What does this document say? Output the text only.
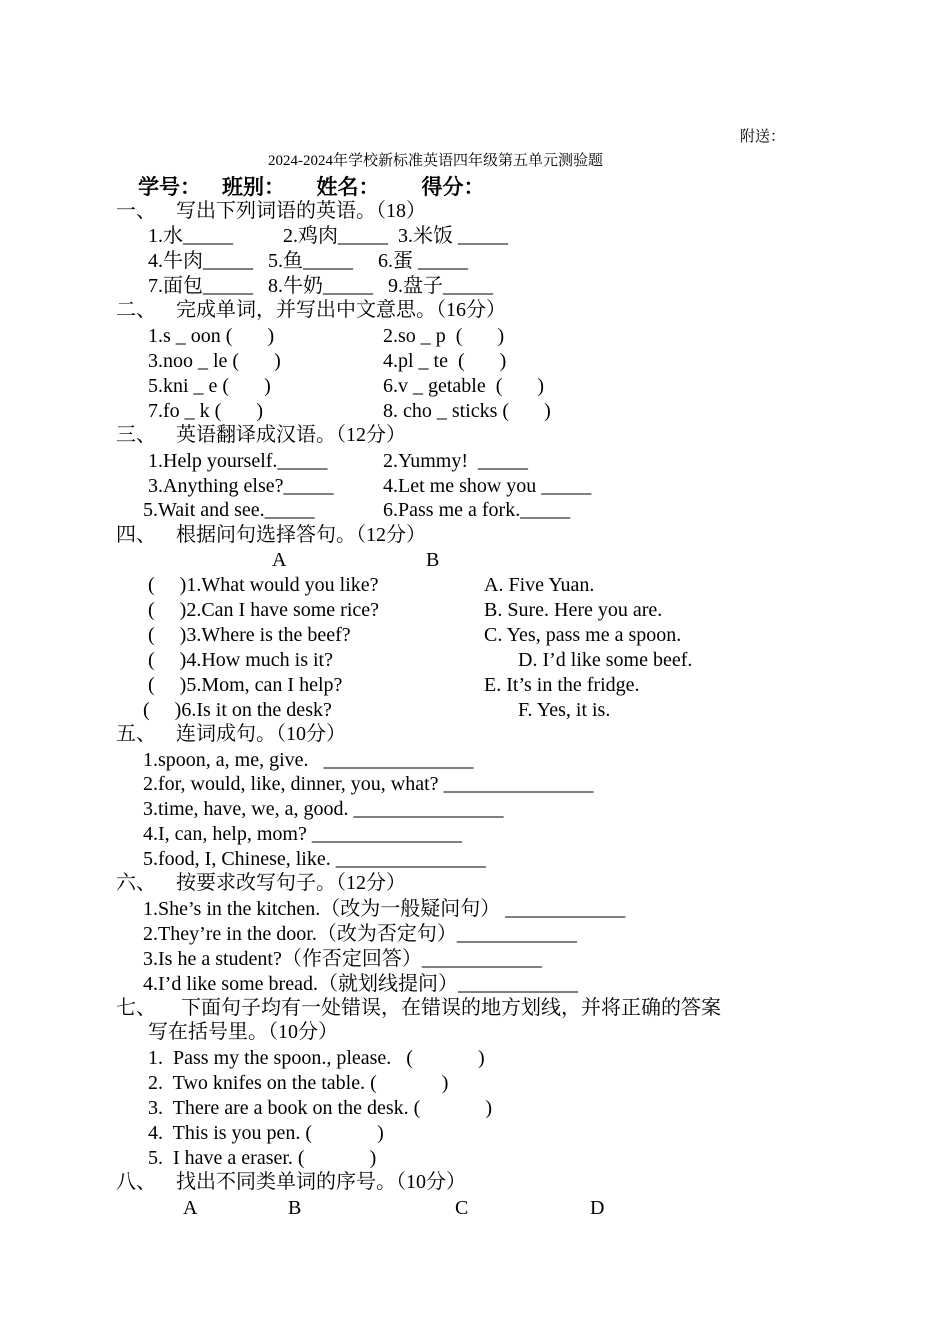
附送：
2024-2024年学校新标准英语四年级第五单元测验题
学号：    班别：      姓名：        得分：
一、    写出下列词语的英语。（18）
1.水_____          2.鸡肉_____  3.米饭 _____
4.牛肉_____   5.鱼_____     6.蛋 _____
7.面包_____   8.牛奶_____   9.盘子_____
二、    完成单词，并写出中文意思。（16分）
1.s _ oon (       )	2.so _ p  (       )
3.noo _ le (       )	4.pl _ te  (       )
5.kni _ e (       )	6.v _ getable  (       )
7.fo _ k (       )	8. cho _ sticks (       )
三、    英语翻译成汉语。（12分）
1.Help yourself._____	2.Yummy!  _____
3.Anything else?_____ 4.Let me show you _____
5.Wait and see._____	6.Pass me a fork._____
四、    根据问句选择答句。（12分）
A	B
(     )1.What would you like?	A. Five Yuan.
(     )2.Can I have some rice?	B. Sure. Here you are.
(     )3.Where is the beef?	C. Yes, pass me a spoon.
(     )4.How much is it?	D. I’d like some beef.
(     )5.Mom, can I help?	E. It’s in the fridge.
(     )6.Is it on the desk?	F. Yes, it is.
五、    连词成句。（10分）
1.spoon, a, me, give.   _______________
2.for, would, like, dinner, you, what? _______________
3.time, have, we, a, good. _______________
4.I, can, help, mom? _______________
5.food, I, Chinese, like. _______________
六、    按要求改写句子。（12分）
1.She’s in the kitchen.（改为一般疑问句） ____________
2.They’re in the door.（改为否定句）____________
3.Is he a student?（作否定回答）____________
4.I’d like some bread.（就划线提问）____________
七、     下面句子均有一处错误，在错误的地方划线，并将正确的答案
写在括号里。（10分）
1.  Pass my the spoon., please.   (             )
2.  Two knifes on the table. (             )
3.  There are a book on the desk. (             )
4.  This is you pen. (             )
5.  I have a eraser. (             )
八、    找出不同类单词的序号。（10分）
A	B	C	D
